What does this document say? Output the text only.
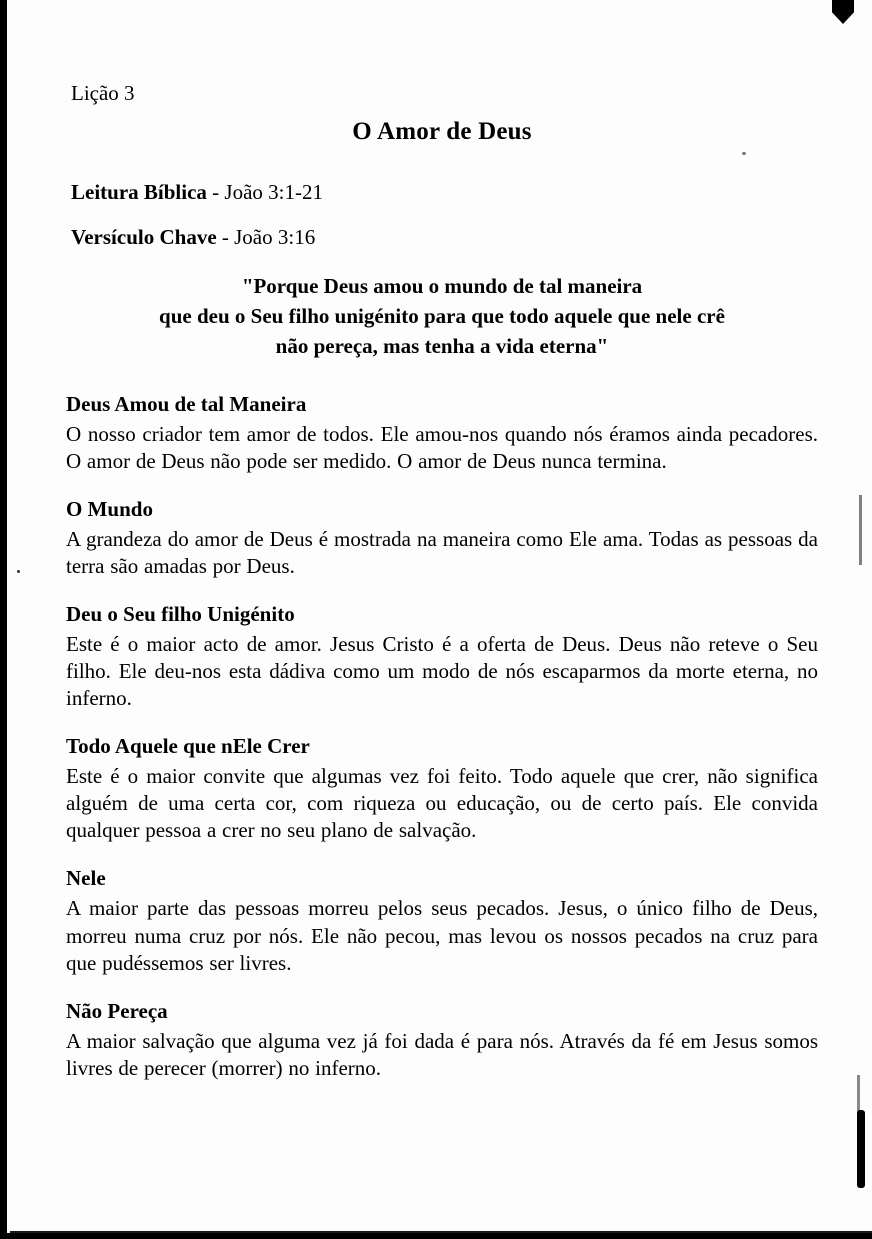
Lição 3

O Amor de Deus

Leitura Bíblica - João 3:1-21

Versículo Chave - João 3:16

"Porque Deus amou o mundo de tal maneira
que deu o Seu filho unigénito para que todo aquele que nele crê
não pereça, mas tenha a vida eterna"
Deus Amou de tal Maneira

O nosso criador tem amor de todos. Ele amou-nos quando nós éramos ainda pecadores. O amor de Deus não pode ser medido. O amor de Deus nunca termina.

O Mundo

A grandeza do amor de Deus é mostrada na maneira como Ele ama. Todas as pessoas da terra são amadas por Deus.

Deu o Seu filho Unigénito

Este é o maior acto de amor. Jesus Cristo é a oferta de Deus. Deus não reteve o Seu filho. Ele deu-nos esta dádiva como um modo de nós escaparmos da morte eterna, no inferno.

Todo Aquele que nEle Crer

Este é o maior convite que algumas vez foi feito. Todo aquele que crer, não significa alguém de uma certa cor, com riqueza ou educação, ou de certo país. Ele convida qualquer pessoa a crer no seu plano de salvação.

Nele

A maior parte das pessoas morreu pelos seus pecados. Jesus, o único filho de Deus, morreu numa cruz por nós. Ele não pecou, mas levou os nossos pecados na cruz para que pudéssemos ser livres.

Não Pereça

A maior salvação que alguma vez já foi dada é para nós. Através da fé em Jesus somos livres de perecer (morrer) no inferno.
